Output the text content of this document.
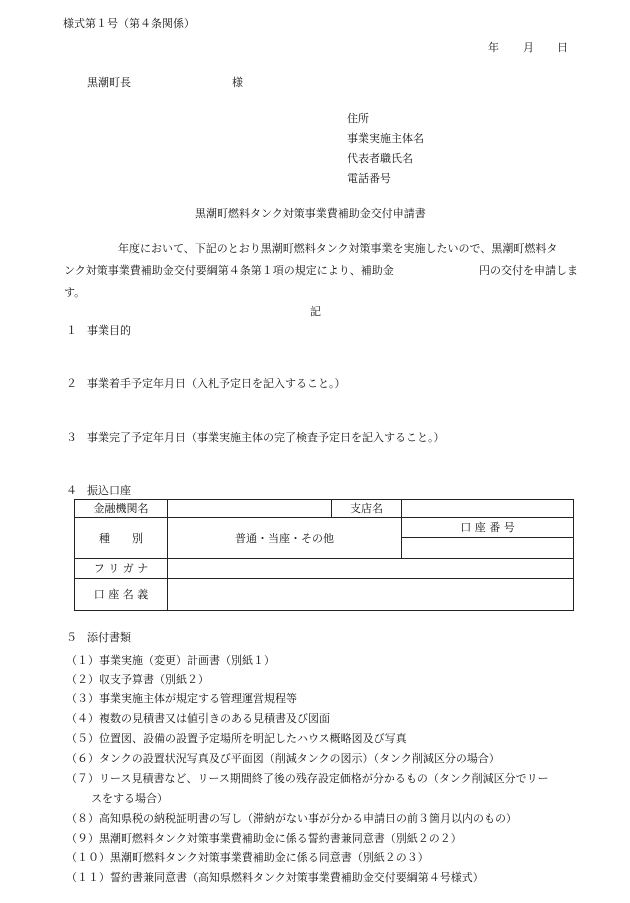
様式第１号（第４条関係）
年 月 日
黒潮町長	様
住所
事業実施主体名
代表者職氏名
電話番号
黒潮町燃料タンク対策事業費補助金交付申請書
年度において、下記のとおり黒潮町燃料タンク対策事業を実施したいので、黒潮町燃料タ
ンク対策事業費補助金交付要綱第４条第１項の規定により、補助金	円の交付を申請しま
す。
記
１ 事業目的
２ 事業着手予定年月日（入札予定日を記入すること。）
３ 事業完了予定年月日（事業実施主体の完了検査予定日を記入すること。）
４ 振込口座
金融機関名		支店名	
種　　別	普通・当座・その他		口 座 番 号

フ リ ガ ナ			
口 座 名 義			
５ 添付書類
（１）事業実施（変更）計画書（別紙１）
（２）収支予算書（別紙２）
（３）事業実施主体が規定する管理運営規程等
（４）複数の見積書又は値引きのある見積書及び図面
（５）位置図、設備の設置予定場所を明記したハウス概略図及び写真
（６）タンクの設置状況写真及び平面図（削減タンクの図示）（タンク削減区分の場合）
（７）リース見積書など、リース期間終了後の残存設定価格が分かるもの（タンク削減区分でリー
スをする場合）
（８）高知県税の納税証明書の写し（滞納がない事が分かる申請日の前３箇月以内のもの）
（９）黒潮町燃料タンク対策事業費補助金に係る誓約書兼同意書（別紙２の２）
（１０）黒潮町燃料タンク対策事業費補助金に係る同意書（別紙２の３）
（１１）誓約書兼同意書（高知県燃料タンク対策事業費補助金交付要綱第４号様式）
